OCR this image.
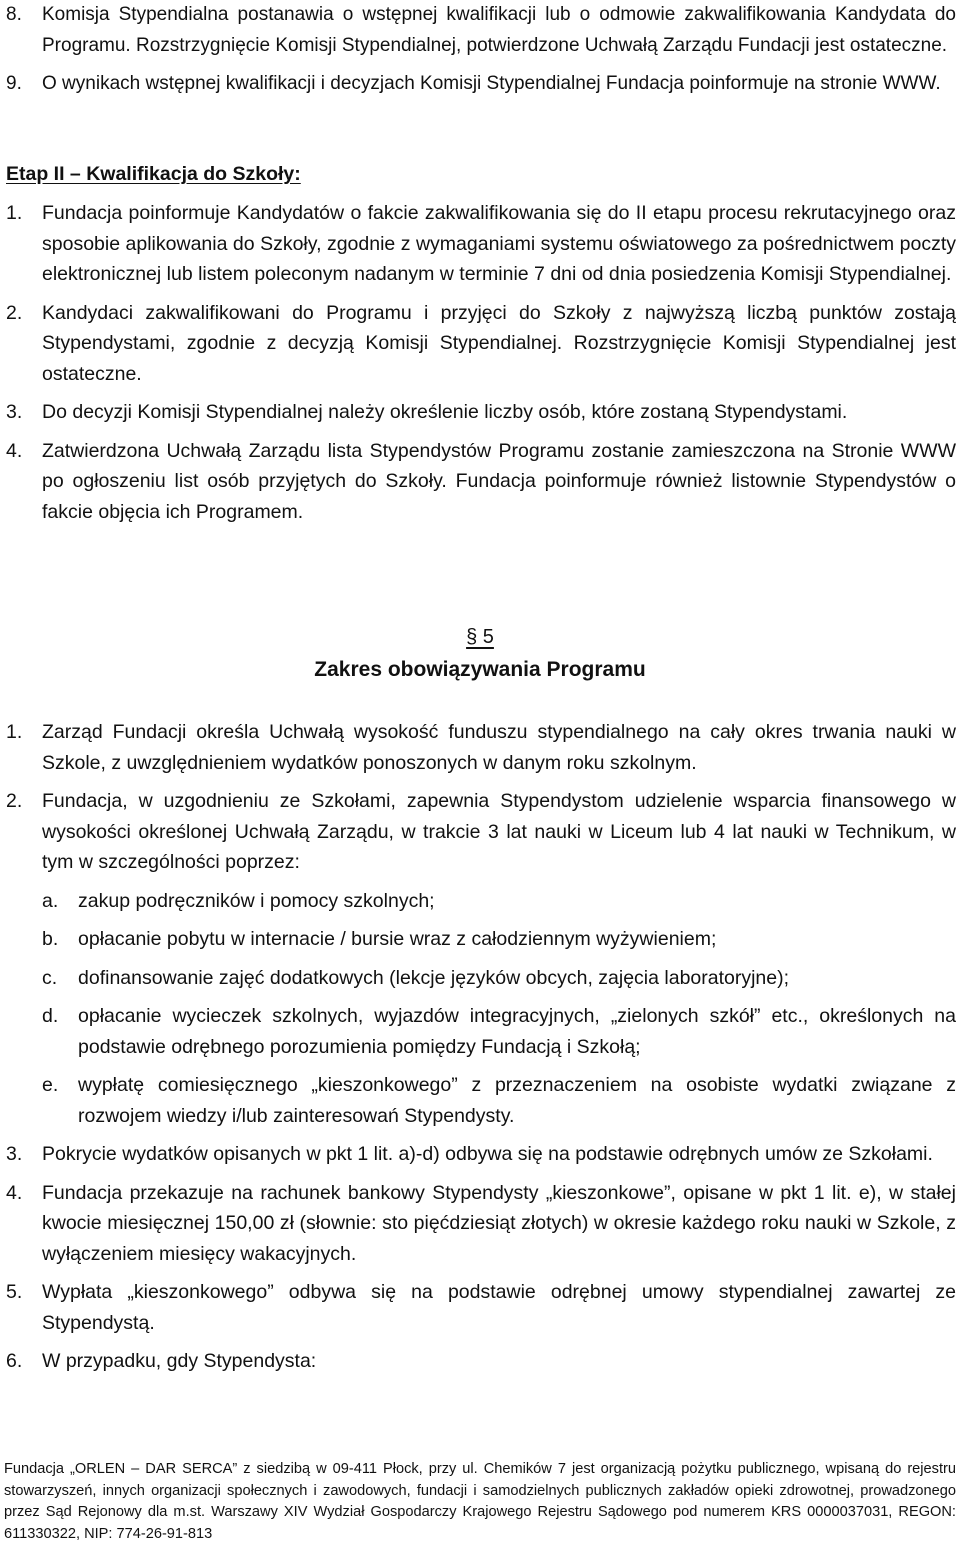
8. Komisja Stypendialna postanawia o wstępnej kwalifikacji lub o odmowie zakwalifikowania Kandydata do Programu. Rozstrzygnięcie Komisji Stypendialnej, potwierdzone Uchwałą Zarządu Fundacji jest ostateczne.
9. O wynikach wstępnej kwalifikacji i decyzjach Komisji Stypendialnej Fundacja poinformuje na stronie WWW.
Etap II – Kwalifikacja do Szkoły:
1. Fundacja poinformuje Kandydatów o fakcie zakwalifikowania się do II etapu procesu rekrutacyjnego oraz sposobie aplikowania do Szkoły, zgodnie z wymaganiami systemu oświatowego za pośrednictwem poczty elektronicznej lub listem poleconym nadanym w terminie 7 dni od dnia posiedzenia Komisji Stypendialnej.
2. Kandydaci zakwalifikowani do Programu i przyjęci do Szkoły z najwyższą liczbą punktów zostają Stypendystami, zgodnie z decyzją Komisji Stypendialnej. Rozstrzygnięcie Komisji Stypendialnej jest ostateczne.
3. Do decyzji Komisji Stypendialnej należy określenie liczby osób, które zostaną Stypendystami.
4. Zatwierdzona Uchwałą Zarządu lista Stypendystów Programu zostanie zamieszczona na Stronie WWW po ogłoszeniu list osób przyjętych do Szkoły. Fundacja poinformuje również listownie Stypendystów o fakcie objęcia ich Programem.
§ 5
Zakres obowiązywania Programu
1. Zarząd Fundacji określa Uchwałą wysokość funduszu stypendialnego na cały okres trwania nauki w Szkole, z uwzględnieniem wydatków ponoszonych w danym roku szkolnym.
2. Fundacja, w uzgodnieniu ze Szkołami, zapewnia Stypendystom udzielenie wsparcia finansowego w wysokości określonej Uchwałą Zarządu, w trakcie 3 lat nauki w Liceum lub 4 lat nauki w Technikum, w tym w szczególności poprzez:
a. zakup podręczników i pomocy szkolnych;
b. opłacanie pobytu w internacie / bursie wraz z całodziennym wyżywieniem;
c. dofinansowanie zajęć dodatkowych (lekcje języków obcych, zajęcia laboratoryjne);
d. opłacanie wycieczek szkolnych, wyjazdów integracyjnych, „zielonych szkół” etc., określonych na podstawie odrębnego porozumienia pomiędzy Fundacją i Szkołą;
e. wypłatę comiesięcznego „kieszonkowego” z przeznaczeniem na osobiste wydatki związane z rozwojem wiedzy i/lub zainteresowań Stypendysty.
3. Pokrycie wydatków opisanych w pkt 1 lit. a)-d) odbywa się na podstawie odrębnych umów ze Szkołami.
4. Fundacja przekazuje na rachunek bankowy Stypendysty „kieszonkowe”, opisane w pkt 1 lit. e), w stałej kwocie miesięcznej 150,00 zł (słownie: sto pięćdziesiąt złotych) w okresie każdego roku nauki w Szkole, z wyłączeniem miesięcy wakacyjnych.
5. Wypłata „kieszonkowego” odbywa się na podstawie odrębnej umowy stypendialnej zawartej ze Stypendystą.
6. W przypadku, gdy Stypendysta:
Fundacja „ORLEN – DAR SERCA” z siedzibą w 09-411 Płock, przy ul. Chemików 7 jest organizacją pożytku publicznego, wpisaną do rejestru stowarzyszeń, innych organizacji społecznych i zawodowych, fundacji i samodzielnych publicznych zakładów opieki zdrowotnej, prowadzonego przez Sąd Rejonowy dla m.st. Warszawy XIV Wydział Gospodarczy Krajowego Rejestru Sądowego pod numerem KRS 0000037031, REGON: 611330322, NIP: 774-26-91-813
